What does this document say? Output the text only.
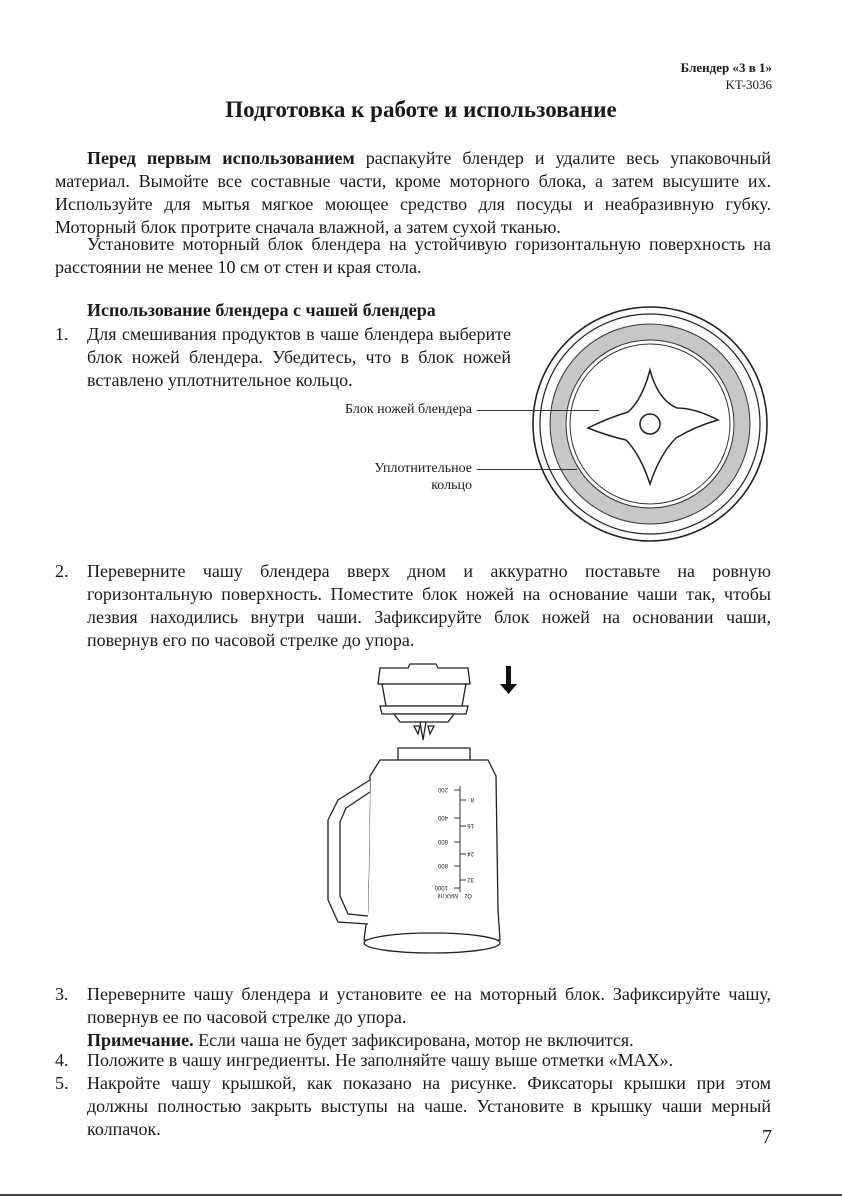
Блендер «3 в 1»
KT-3036
Подготовка к работе и использование

Перед первым использованием распакуйте блендер и удалите весь упаковочный материал. Вымойте все составные части, кроме моторного блока, а затем высушите их. Используйте для мытья мягкое моющее средство для посуды и неабразивную губку. Моторный блок протрите сначала влажной, а затем сухой тканью.

Установите моторный блок блендера на устойчивую горизонтальную поверхность на расстоянии не менее 10 см от стен и края стола.

Использование блендера с чашей блендера
1.	Для смешивания продуктов в чаше блендера выберите блок ножей блендера. Убедитесь, что в блок ножей вставлено уплотнительное кольцо.
Блок ножей блендера
Уплотнительное
кольцо
2.	Переверните чашу блендера вверх дном и аккуратно поставьте на ровную горизонтальную поверхность. Поместите блок ножей на основание чаши так, чтобы лезвия находились внутри чаши. Зафиксируйте блок ножей на основании чаши, повернув его по часовой стрелке до упора.
200
400
600
800
1000
8
16
24
32
ml MAX Oz
3.	Переверните чашу блендера и установите ее на моторный блок. Зафиксируйте чашу, повернув ее по часовой стрелке до упора.
Примечание. Если чаша не будет зафиксирована, мотор не включится.
4.	Положите в чашу ингредиенты. Не заполняйте чашу выше отметки «MAX».
5.	Накройте чашу крышкой, как показано на рисунке. Фиксаторы крышки при этом должны полностью закрыть выступы на чаше. Установите в крышку чаши мерный колпачок.	7
